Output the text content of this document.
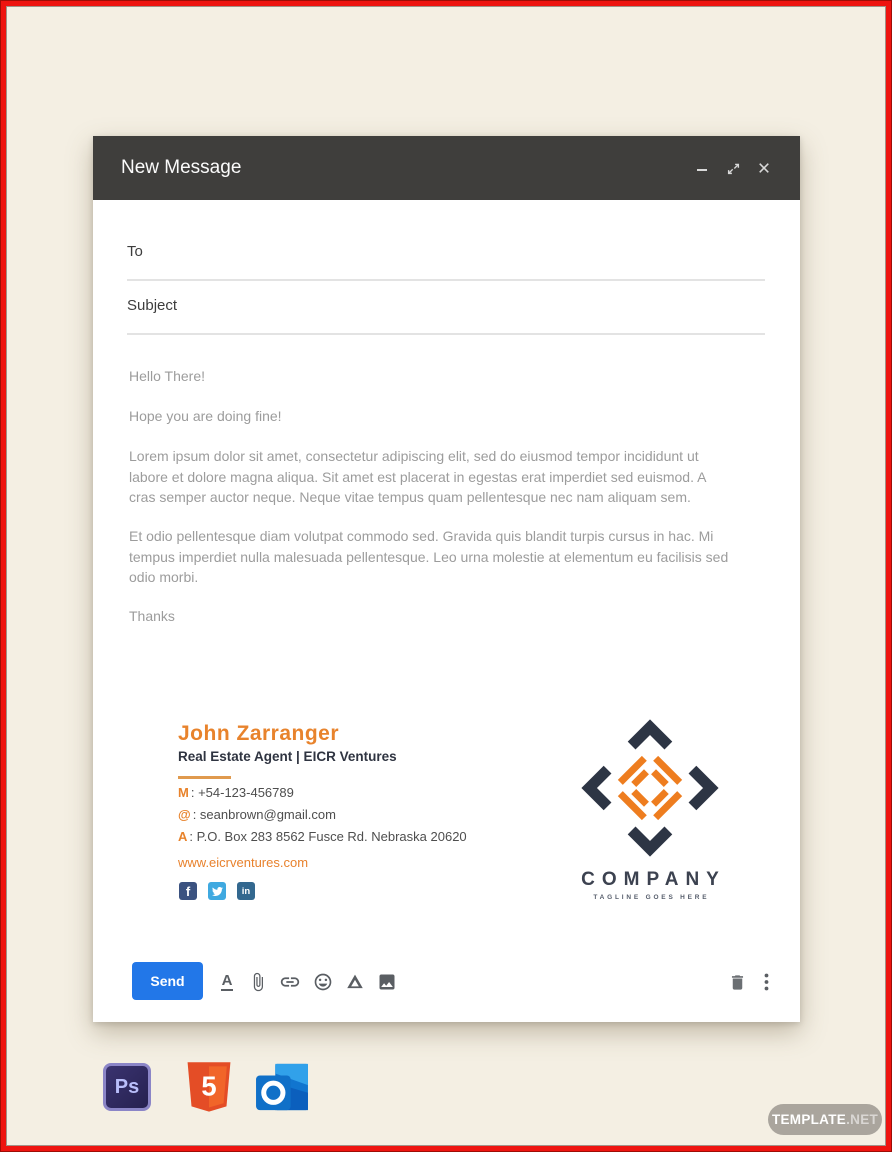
New Message
To
Subject
Hello There!
Hope you are doing fine!
Lorem ipsum dolor sit amet, consectetur adipiscing elit, sed do eiusmod tempor incididunt ut labore et dolore magna aliqua. Sit amet est placerat in egestas erat imperdiet sed euismod. A cras semper auctor neque. Neque vitae tempus quam pellentesque nec nam aliquam sem.
Et odio pellentesque diam volutpat commodo sed. Gravida quis blandit turpis cursus in hac. Mi tempus imperdiet nulla malesuada pellentesque. Leo urna molestie at elementum eu facilisis sed odio morbi.
Thanks
John Zarranger
Real Estate Agent | EICR Ventures
M : +54-123-456789
@ : seanbrown@gmail.com
A : P.O. Box 283 8562 Fusce Rd. Nebraska 20620
www.eicrventures.com
f	in
COMPANY
TAGLINE GOES HERE
Send	A
Ps	5
TEMPLATE .NET
